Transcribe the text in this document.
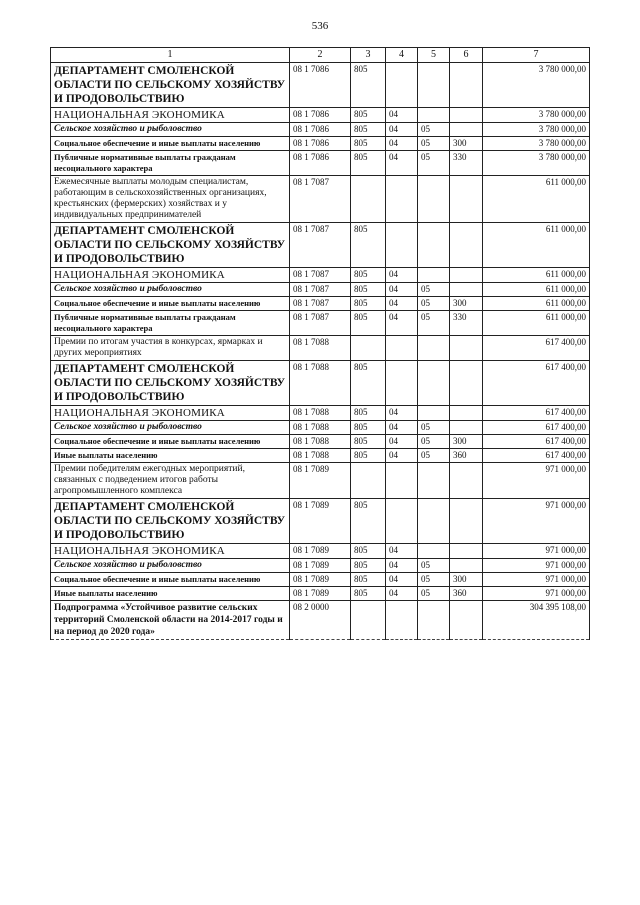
536
1	2	3	4	5	6	7
ДЕПАРТАМЕНТ СМОЛЕНСКОЙ ОБЛАСТИ ПО СЕЛЬСКОМУ ХОЗЯЙСТВУ И ПРОДОВОЛЬСТВИЮ	08 1 7086	805				3 780 000,00
НАЦИОНАЛЬНАЯ ЭКОНОМИКА	08 1 7086	805	04			3 780 000,00
Сельское хозяйство и рыболовство	08 1 7086	805	04	05		3 780 000,00
Социальное обеспечение и иные выплаты населению	08 1 7086	805	04	05	300	3 780 000,00
Публичные нормативные выплаты гражданам несоциального характера	08 1 7086	805	04	05	330	3 780 000,00
Ежемесячные выплаты молодым специалистам, работающим в сельскохозяйственных организациях, крестьянских (фермерских) хозяйствах и у индивидуальных предпринимателей	08 1 7087					611 000,00
ДЕПАРТАМЕНТ СМОЛЕНСКОЙ ОБЛАСТИ ПО СЕЛЬСКОМУ ХОЗЯЙСТВУ И ПРОДОВОЛЬСТВИЮ	08 1 7087	805				611 000,00
НАЦИОНАЛЬНАЯ ЭКОНОМИКА	08 1 7087	805	04			611 000,00
Сельское хозяйство и рыболовство	08 1 7087	805	04	05		611 000,00
Социальное обеспечение и иные выплаты населению	08 1 7087	805	04	05	300	611 000,00
Публичные нормативные выплаты гражданам несоциального характера	08 1 7087	805	04	05	330	611 000,00
Премии по итогам участия в конкурсах, ярмарках и других мероприятиях	08 1 7088					617 400,00
ДЕПАРТАМЕНТ СМОЛЕНСКОЙ ОБЛАСТИ ПО СЕЛЬСКОМУ ХОЗЯЙСТВУ И ПРОДОВОЛЬСТВИЮ	08 1 7088	805				617 400,00
НАЦИОНАЛЬНАЯ ЭКОНОМИКА	08 1 7088	805	04			617 400,00
Сельское хозяйство и рыболовство	08 1 7088	805	04	05		617 400,00
Социальное обеспечение и иные выплаты населению	08 1 7088	805	04	05	300	617 400,00
Иные выплаты населению	08 1 7088	805	04	05	360	617 400,00
Премии победителям ежегодных мероприятий, связанных с подведением итогов работы агропромышленного комплекса	08 1 7089					971 000,00
ДЕПАРТАМЕНТ СМОЛЕНСКОЙ ОБЛАСТИ ПО СЕЛЬСКОМУ ХОЗЯЙСТВУ И ПРОДОВОЛЬСТВИЮ	08 1 7089	805				971 000,00
НАЦИОНАЛЬНАЯ ЭКОНОМИКА	08 1 7089	805	04			971 000,00
Сельское хозяйство и рыболовство	08 1 7089	805	04	05		971 000,00
Социальное обеспечение и иные выплаты населению	08 1 7089	805	04	05	300	971 000,00
Иные выплаты населению	08 1 7089	805	04	05	360	971 000,00
Подпрограмма «Устойчивое развитие сельских территорий Смоленской области на 2014-2017 годы и на период до 2020 года»	08 2 0000					304 395 108,00
